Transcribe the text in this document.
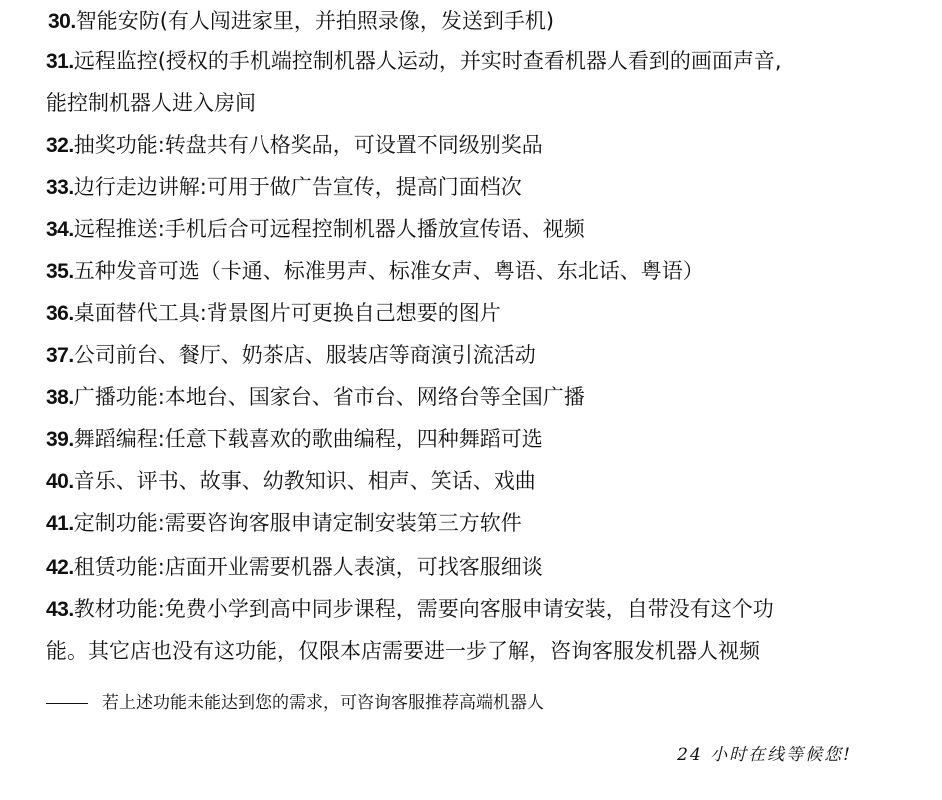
30.智能安防(有人闯进家里，并拍照录像，发送到手机)
31.远程监控(授权的手机端控制机器人运动，并实时查看机器人看到的画面声音,
能控制机器人进入房间
32.抽奖功能:转盘共有八格奖品，可设置不同级别奖品
33.边行走边讲解:可用于做广告宣传，提高门面档次
34.远程推送:手机后合可远程控制机器人播放宣传语、视频
35.五种发音可选（卡通、标准男声、标准女声、粤语、东北话、粤语）
36.桌面替代工具:背景图片可更换自己想要的图片
37.公司前台、餐厅、奶茶店、服装店等商演引流活动
38.广播功能:本地台、国家台、省市台、网络台等全国广播
39.舞蹈编程:任意下载喜欢的歌曲编程，四种舞蹈可选
40.音乐、评书、故事、幼教知识、相声、笑话、戏曲
41.定制功能:需要咨询客服申请定制安装第三方软件
42.租赁功能:店面开业需要机器人表演，可找客服细谈
43.教材功能:免费小学到高中同步课程，需要向客服申请安装，自带没有这个功
能。其它店也没有这功能，仅限本店需要进一步了解，咨询客服发机器人视频
若上述功能未能达到您的需求，可咨询客服推荐高端机器人
24 小时在线等候您!
